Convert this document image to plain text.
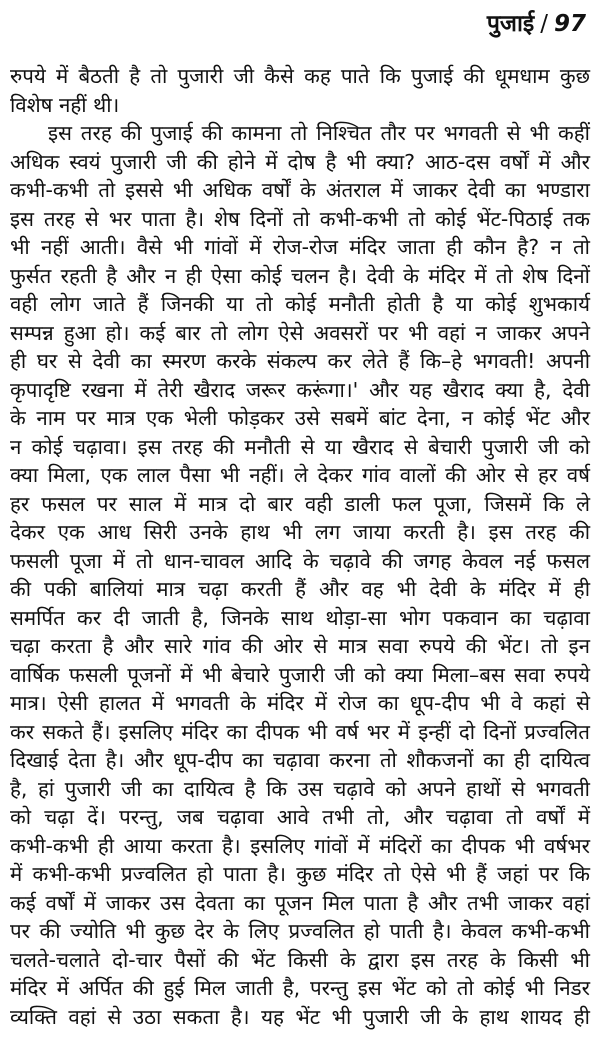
पुजाई / 97
रुपये में बैठती है तो पुजारी जी कैसे कह पाते कि पुजाई की धूमधाम कुछ
विशेष नहीं थी।
इस तरह की पुजाई की कामना तो निश्चित तौर पर भगवती से भी कहीं
अधिक स्वयं पुजारी जी की होने में दोष है भी क्या? आठ-दस वर्षों में और
कभी-कभी तो इससे भी अधिक वर्षों के अंतराल में जाकर देवी का भण्डारा
इस तरह से भर पाता है। शेष दिनों तो कभी-कभी तो कोई भेंट-पिठाई तक
भी नहीं आती। वैसे भी गांवों में रोज-रोज मंदिर जाता ही कौन है? न तो
फुर्सत रहती है और न ही ऐसा कोई चलन है। देवी के मंदिर में तो शेष दिनों
वही लोग जाते हैं जिनकी या तो कोई मनौती होती है या कोई शुभकार्य
सम्पन्न हुआ हो। कई बार तो लोग ऐसे अवसरों पर भी वहां न जाकर अपने
ही घर से देवी का स्मरण करके संकल्प कर लेते हैं कि–हे भगवती! अपनी
कृपादृष्टि रखना में तेरी खैराद जरूर करूंगा।' और यह खैराद क्या है, देवी
के नाम पर मात्र एक भेली फोड़कर उसे सबमें बांट देना, न कोई भेंट और
न कोई चढ़ावा। इस तरह की मनौती से या खैराद से बेचारी पुजारी जी को
क्या मिला, एक लाल पैसा भी नहीं। ले देकर गांव वालों की ओर से हर वर्ष
हर फसल पर साल में मात्र दो बार वही डाली फल पूजा, जिसमें कि ले
देकर एक आध सिरी उनके हाथ भी लग जाया करती है। इस तरह की
फसली पूजा में तो धान-चावल आदि के चढ़ावे की जगह केवल नई फसल
की पकी बालियां मात्र चढ़ा करती हैं और वह भी देवी के मंदिर में ही
समर्पित कर दी जाती है, जिनके साथ थोड़ा-सा भोग पकवान का चढ़ावा
चढ़ा करता है और सारे गांव की ओर से मात्र सवा रुपये की भेंट। तो इन
वार्षिक फसली पूजनों में भी बेचारे पुजारी जी को क्या मिला–बस सवा रुपये
मात्र। ऐसी हालत में भगवती के मंदिर में रोज का धूप-दीप भी वे कहां से
कर सकते हैं। इसलिए मंदिर का दीपक भी वर्ष भर में इन्हीं दो दिनों प्रज्वलित
दिखाई देता है। और धूप-दीप का चढ़ावा करना तो शौकजनों का ही दायित्व
है, हां पुजारी जी का दायित्व है कि उस चढ़ावे को अपने हाथों से भगवती
को चढ़ा दें। परन्तु, जब चढ़ावा आवे तभी तो, और चढ़ावा तो वर्षों में
कभी-कभी ही आया करता है। इसलिए गांवों में मंदिरों का दीपक भी वर्षभर
में कभी-कभी प्रज्वलित हो पाता है। कुछ मंदिर तो ऐसे भी हैं जहां पर कि
कई वर्षों में जाकर उस देवता का पूजन मिल पाता है और तभी जाकर वहां
पर की ज्योति भी कुछ देर के लिए प्रज्वलित हो पाती है। केवल कभी-कभी
चलते-चलाते दो-चार पैसों की भेंट किसी के द्वारा इस तरह के किसी भी
मंदिर में अर्पित की हुई मिल जाती है, परन्तु इस भेंट को तो कोई भी निडर
व्यक्ति वहां से उठा सकता है। यह भेंट भी पुजारी जी के हाथ शायद ही
